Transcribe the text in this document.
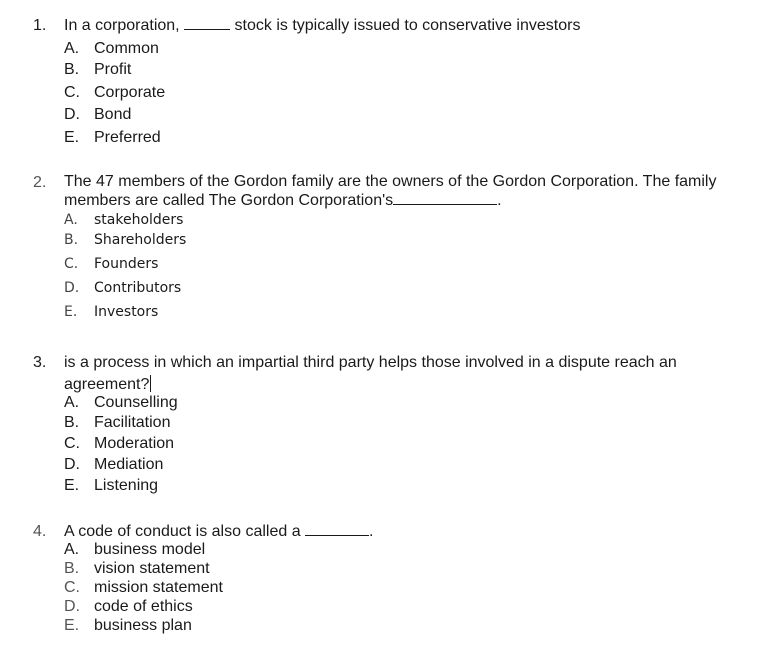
1. In a corporation,	stock is typically issued to conservative investors
A. Common
B. Profit
C. Corporate
D. Bond
E. Preferred
2. The 47 members of the Gordon family are the owners of the Gordon Corporation. The family
members are called The Gordon Corporation's	.
A. stakeholders
B. Shareholders
C. Founders
D. Contributors
E. Investors
3. is a process in which an impartial third party helps those involved in a dispute reach an
agreement?
A. Counselling
B. Facilitation
C. Moderation
D. Mediation
E. Listening
4. A code of conduct is also called a	.
A. business model
B. vision statement
C. mission statement
D. code of ethics
E. business plan
